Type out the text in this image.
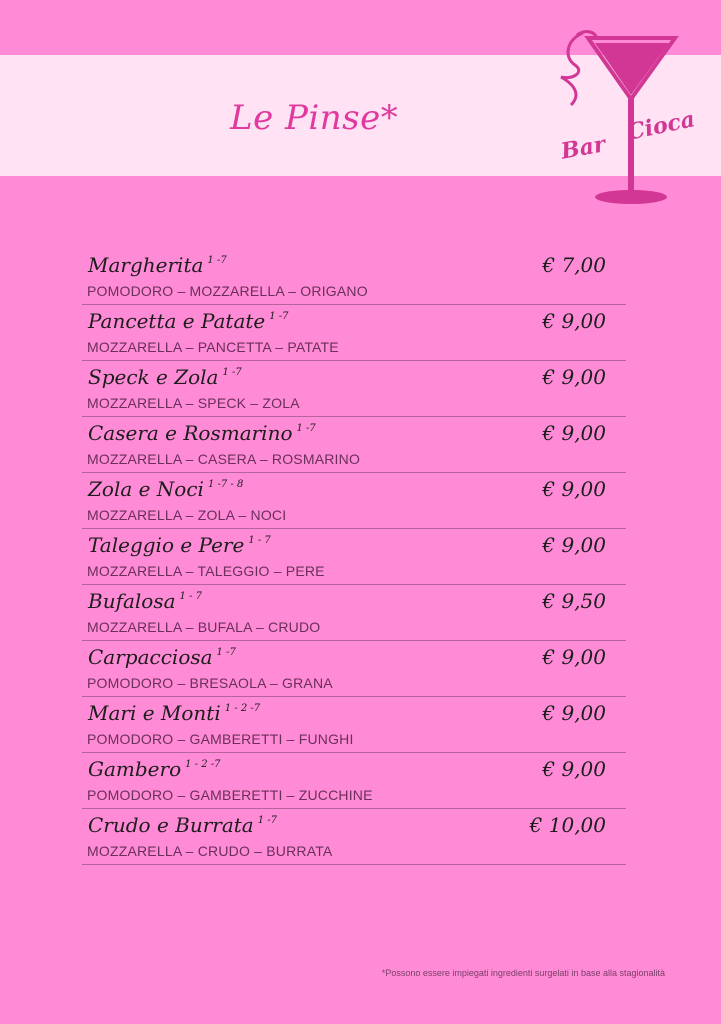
Le Pinse*
Bar
Cioca
Margherita $^{1 -7}$	€ 7,00
POMODORO – MOZZARELLA – ORIGANO
Pancetta e Patate $^{1 -7}$	€ 9,00
MOZZARELLA – PANCETTA – PATATE
Speck e Zola $^{1 -7}$	€ 9,00
MOZZARELLA – SPECK – ZOLA
Casera e Rosmarino $^{1 -7}$	€ 9,00
MOZZARELLA – CASERA – ROSMARINO
Zola e Noci $^{1 -7 - 8}$	€ 9,00
MOZZARELLA – ZOLA – NOCI
Taleggio e Pere $^{1 - 7}$	€ 9,00
MOZZARELLA – TALEGGIO – PERE
Bufalosa $^{1 - 7}$	€ 9,50
MOZZARELLA – BUFALA – CRUDO
Carpacciosa $^{1 -7}$	€ 9,00
POMODORO – BRESAOLA – GRANA
Mari e Monti $^{1 - 2 -7}$	€ 9,00
POMODORO – GAMBERETTI – FUNGHI
Gambero $^{1 - 2 -7}$	€ 9,00
POMODORO – GAMBERETTI – ZUCCHINE
Crudo e Burrata $^{1 -7}$	€ 10,00
MOZZARELLA – CRUDO – BURRATA
*Possono essere impiegati ingredienti surgelati in base alla stagionalità
